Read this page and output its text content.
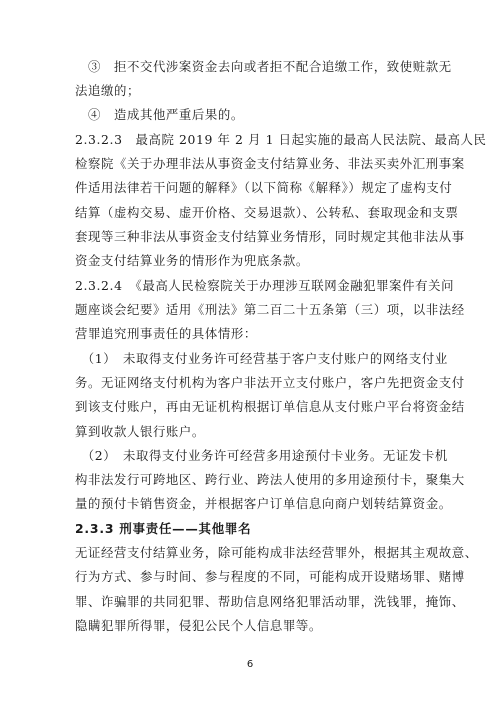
　③　拒不交代涉案资金去向或者拒不配合追缴工作，致使赃款无
法追缴的；
　④　造成其他严重后果的。
2.3.2.3　最高院 2019 年 2 月 1 日起实施的最高人民法院、最高人民
检察院《关于办理非法从事资金支付结算业务、非法买卖外汇刑事案
件适用法律若干问题的解释》（以下简称《解释》）规定了虚构支付
结算（虚构交易、虚开价格、交易退款）、公转私、套取现金和支票
套现等三种非法从事资金支付结算业务情形，同时规定其他非法从事
资金支付结算业务的情形作为兜底条款。
2.3.2.4　《最高人民检察院关于办理涉互联网金融犯罪案件有关问
题座谈会纪要》适用《刑法》第二百二十五条第（三）项，以非法经
营罪追究刑事责任的具体情形：
　（1）　未取得支付业务许可经营基于客户支付账户的网络支付业
务。无证网络支付机构为客户非法开立支付账户，客户先把资金支付
到该支付账户，再由无证机构根据订单信息从支付账户平台将资金结
算到收款人银行账户。
　（2）　未取得支付业务许可经营多用途预付卡业务。无证发卡机
构非法发行可跨地区、跨行业、跨法人使用的多用途预付卡，聚集大
量的预付卡销售资金，并根据客户订单信息向商户划转结算资金。
2.3.3 刑事责任——其他罪名
无证经营支付结算业务，除可能构成非法经营罪外，根据其主观故意、
行为方式、参与时间、参与程度的不同，可能构成开设赌场罪、赌博
罪、诈骗罪的共同犯罪、帮助信息网络犯罪活动罪，洗钱罪，掩饰、
隐瞒犯罪所得罪，侵犯公民个人信息罪等。
6
